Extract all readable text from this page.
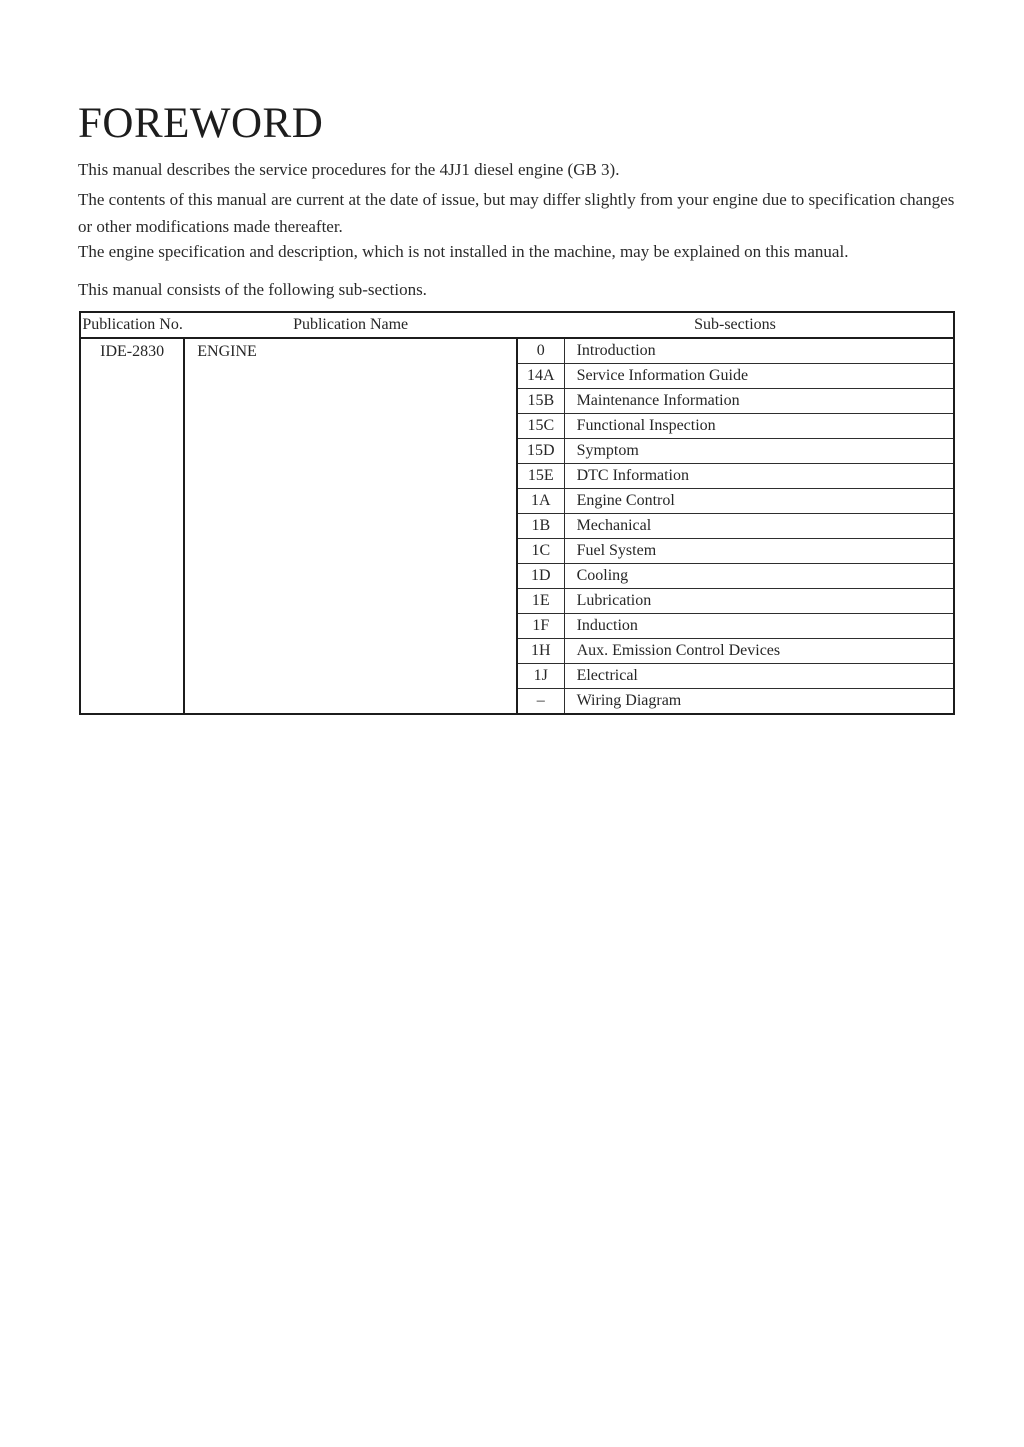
FOREWORD
This manual describes the service procedures for the 4JJ1 diesel engine (GB 3).
The contents of this manual are current at the date of issue, but may differ slightly from your engine due to specification changes
or other modifications made thereafter.
The engine specification and description, which is not installed in the machine, may be explained on this manual.
This manual consists of the following sub-sections.
Publication No.	Publication Name	Sub-sections	
IDE-2830	ENGINE	0	Introduction
		14A	Service Information Guide
		15B	Maintenance Information
		15C	Functional Inspection
		15D	Symptom
		15E	DTC Information
		1A	Engine Control
		1B	Mechanical
		1C	Fuel System
		1D	Cooling
		1E	Lubrication
		1F	Induction
		1H	Aux. Emission Control Devices
		1J	Electrical
		–	Wiring Diagram
